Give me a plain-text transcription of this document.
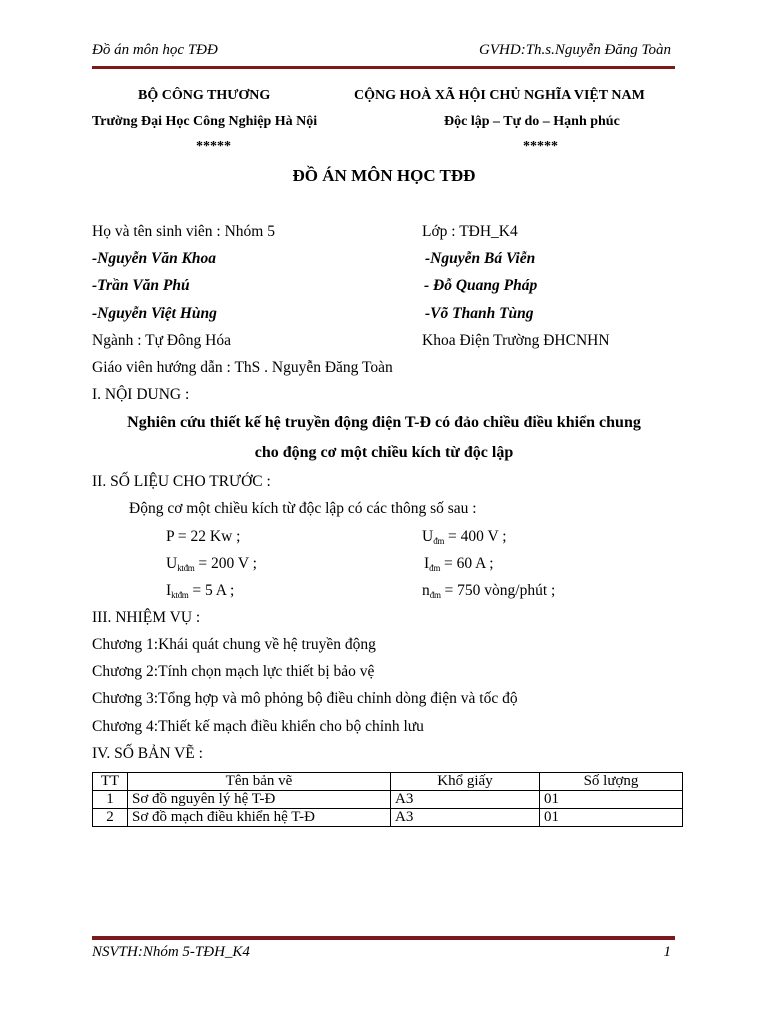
Đồ án môn học TĐĐ	GVHD:Th.s.Nguyễn Đăng Toàn
BỘ CÔNG THƯƠNG	CỘNG HOÀ XÃ HỘI CHỦ NGHĨA VIỆT NAM
Trường Đại Học Công Nghiệp Hà Nội	Độc lập – Tự do – Hạnh phúc
*****	*****
ĐỒ ÁN MÔN HỌC TĐĐ
Họ và tên sinh viên : Nhóm 5	Lớp : TĐH_K4
-Nguyễn Văn Khoa	-Nguyễn Bá Viễn
-Trần Văn Phú	- Đỗ Quang Pháp
-Nguyễn Việt Hùng	-Võ Thanh Tùng
Ngành : Tự Đông Hóa	Khoa Điện Trường ĐHCNHN
Giáo viên hướng dẫn : ThS . Nguyễn Đăng Toàn
I. NỘI DUNG :
Nghiên cứu thiết kế hệ truyền động điện T-Đ có đảo chiều điều khiển chung
cho động cơ một chiều kích từ độc lập
II. SỐ LIỆU CHO TRƯỚC :
Động cơ một chiều kích từ độc lập có các thông số sau :
P = 22 Kw ;	Uđm = 400 V ;
Uktđm = 200 V ;	Iđm = 60 A ;
Iktđm = 5 A ;	nđm = 750 vòng/phút ;
III. NHIỆM VỤ :
Chương 1:Khái quát chung về hệ truyền động
Chương 2:Tính chọn mạch lực thiết bị bảo vệ
Chương 3:Tổng hợp và mô phỏng bộ điều chỉnh dòng điện và tốc độ
Chương 4:Thiết kế mạch điều khiển cho bộ chỉnh lưu
IV. SỐ BẢN VẼ :
TT	Tên bản vẽ	Khổ giấy	Số lượng
1	Sơ đồ nguyên lý hệ T-Đ	A3	01
2	Sơ đồ mạch điều khiển hệ T-Đ	A3	01
NSVTH:Nhóm 5-TĐH_K4	1
